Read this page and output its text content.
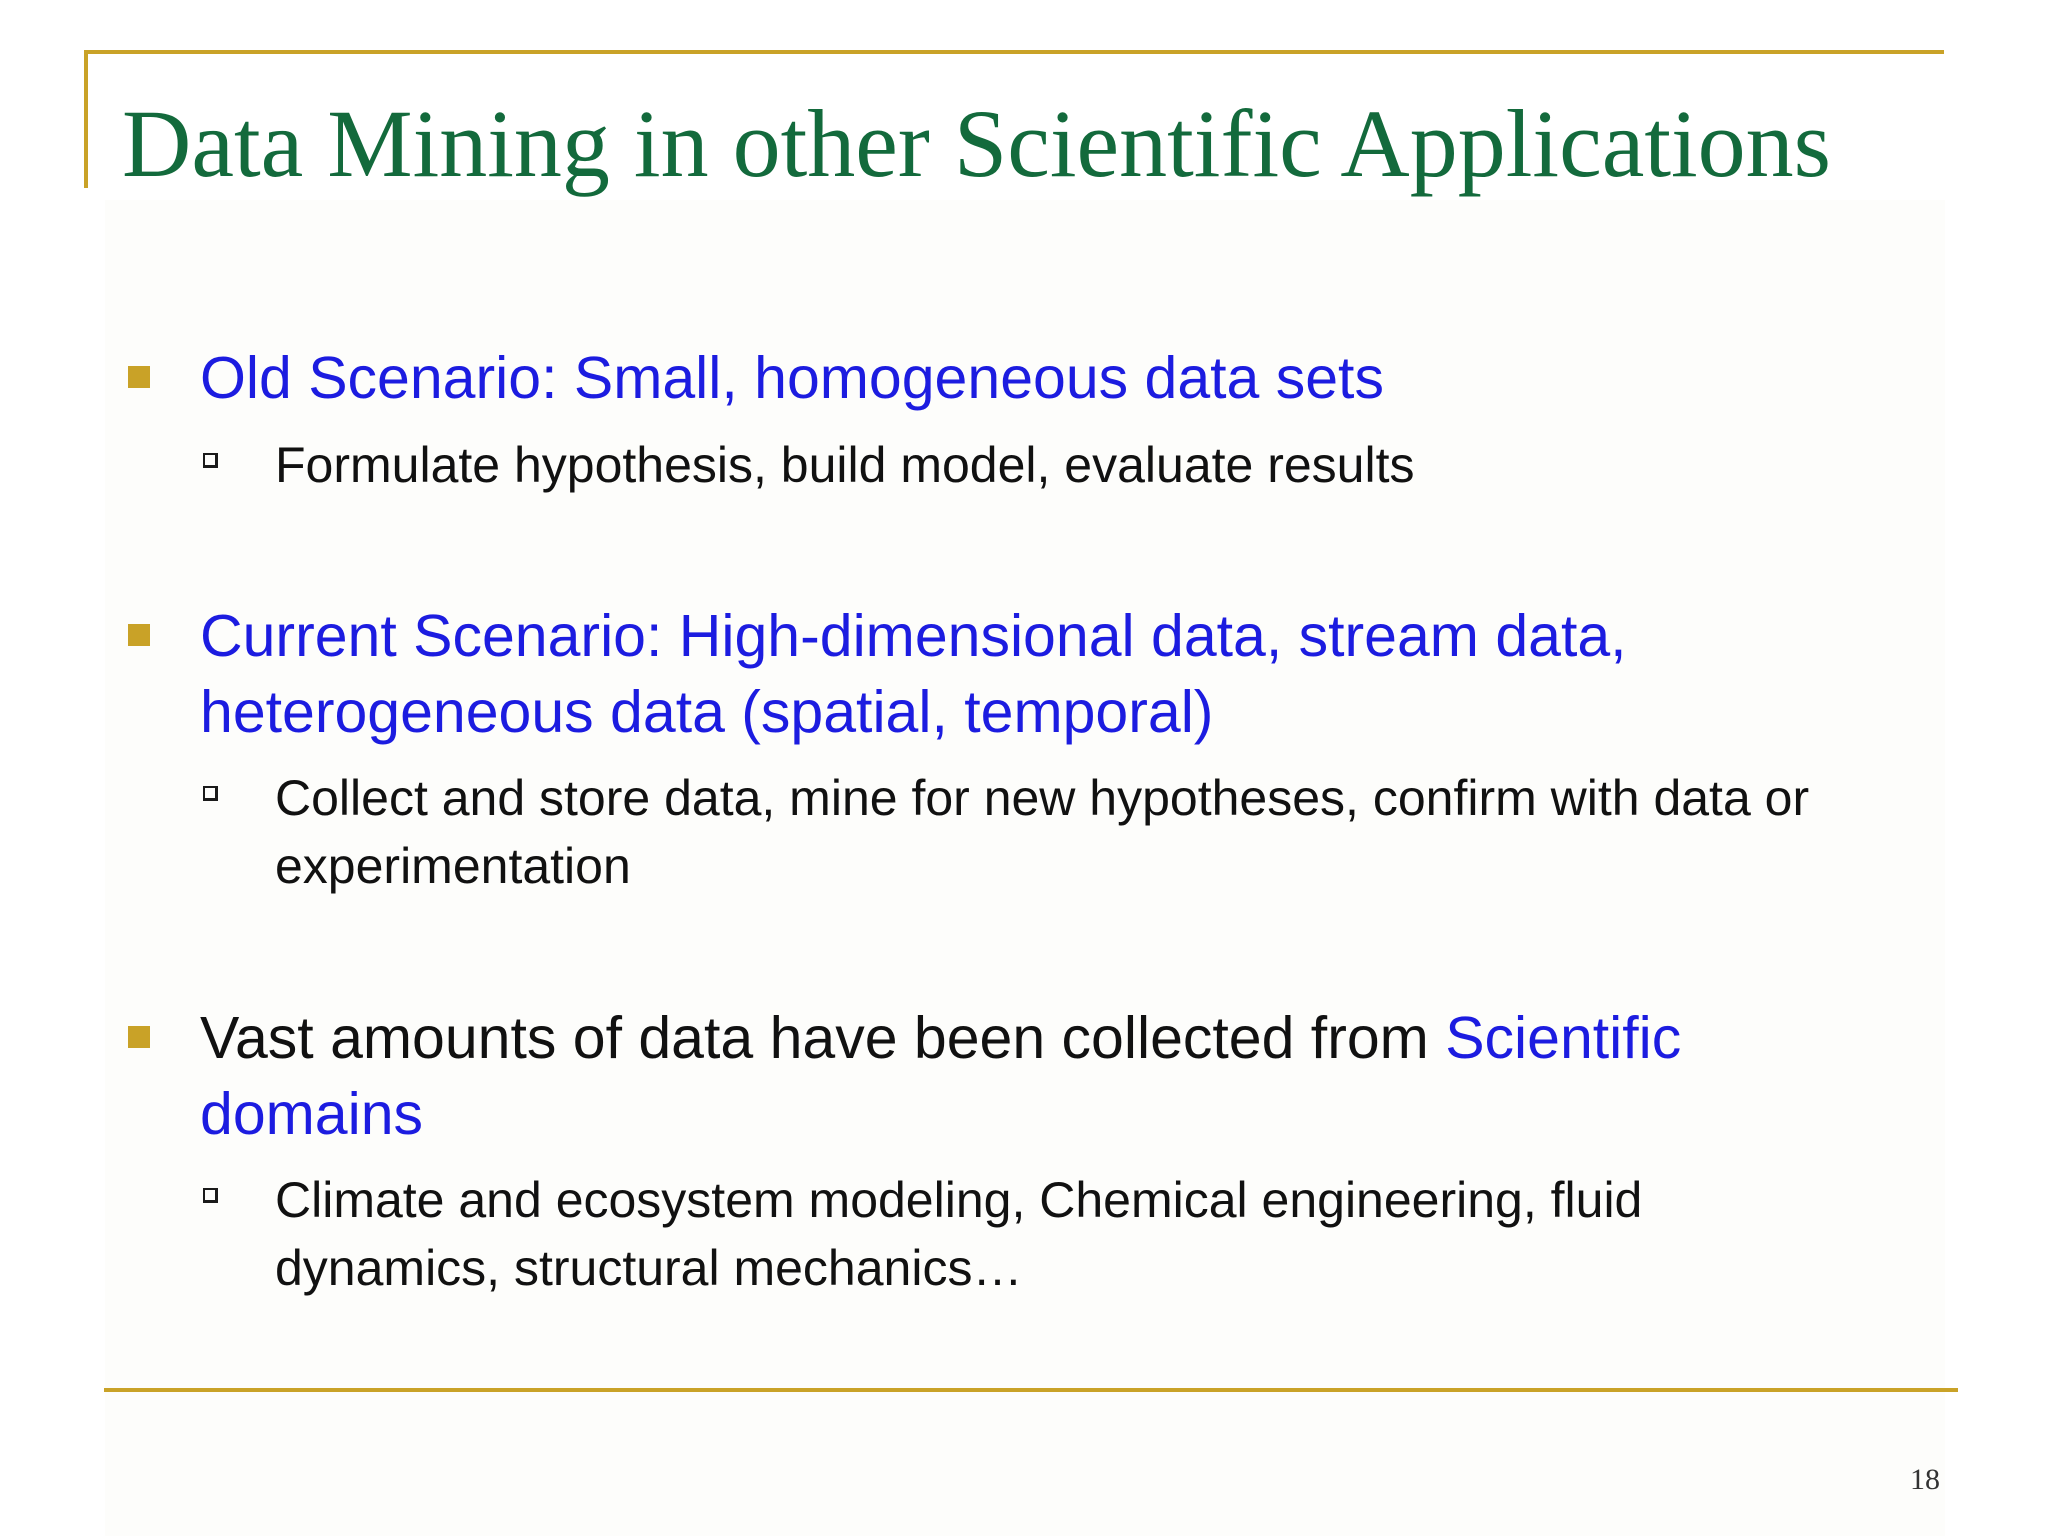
Data Mining in other Scientific Applications
Old Scenario: Small, homogeneous data sets
Formulate hypothesis, build model, evaluate results
Current Scenario: High-dimensional data, stream data, heterogeneous data (spatial, temporal)
Collect and store data, mine for new hypotheses, confirm with data or experimentation
Vast amounts of data have been collected from Scientific domains
Climate and ecosystem modeling, Chemical engineering, fluid dynamics, structural mechanics…
18
